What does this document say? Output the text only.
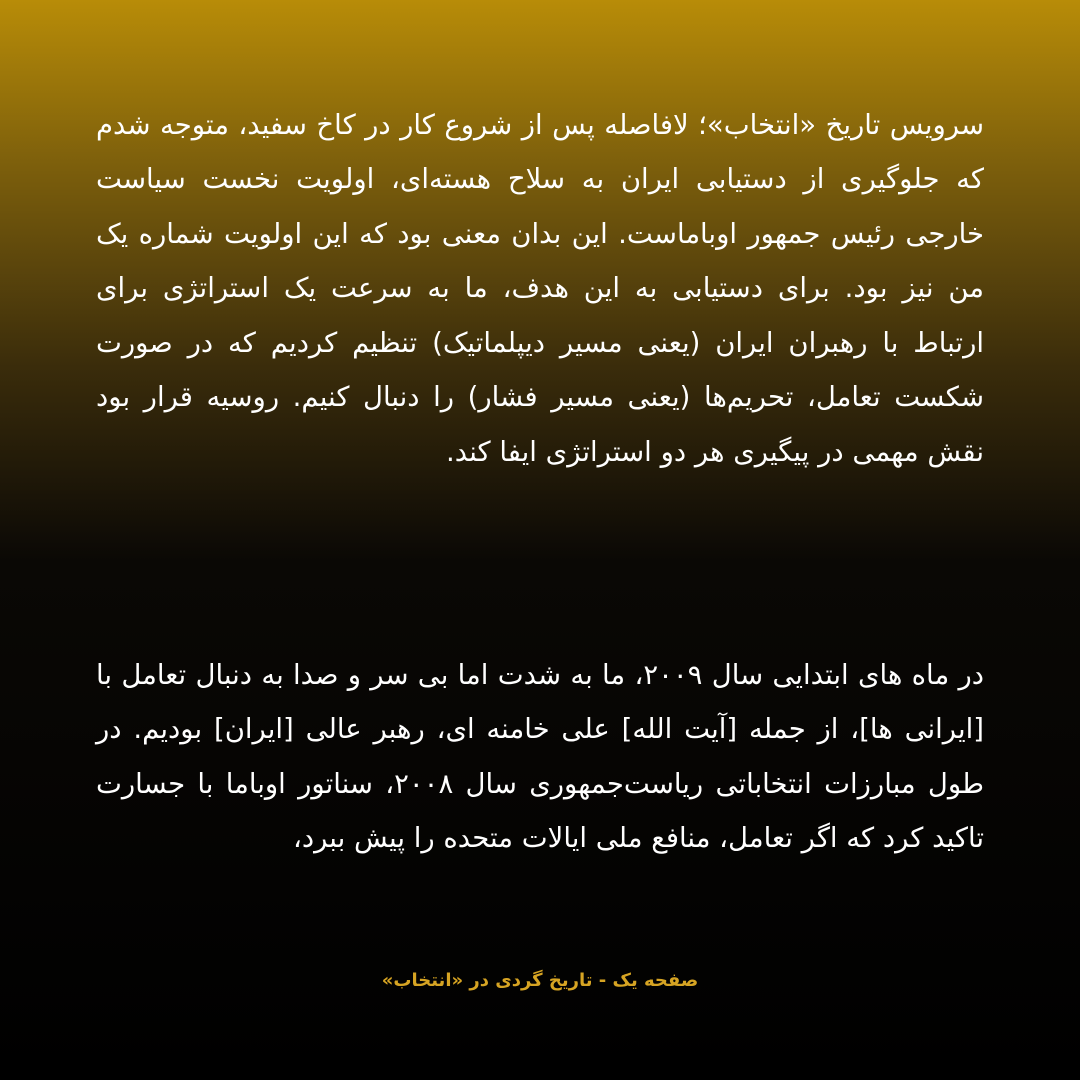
سرویس تاریخ «انتخاب»؛ لافاصله پس از شروع کار در کاخ سفید، متوجه شدم که جلوگیری از دستیابی ایران به سلاح هسته‌ای، اولویت نخست سیاست خارجی رئیس جمهور اوباماست. این بدان معنی بود که این اولویت شماره یک من نیز بود. برای دستیابی به این هدف، ما به سرعت یک استراتژی برای ارتباط با رهبران ایران (یعنی مسیر دیپلماتیک) تنظیم کردیم که در صورت شکست تعامل، تحریم‌ها (یعنی مسیر فشار) را دنبال کنیم. روسیه قرار بود نقش مهمی در پیگیری هر دو استراتژی ایفا کند.

در ماه های ابتدایی سال ۲۰۰۹، ما به شدت اما بی سر و صدا به دنبال تعامل با [ایرانی ها]، از جمله [آیت الله] علی خامنه ای، رهبر عالی [ایران] بودیم. در طول مبارزات انتخاباتی ریاست‌جمهوری سال ۲۰۰۸، سناتور اوباما با جسارت تاکید کرد که اگر تعامل، منافع ملی ایالات متحده را پیش ببرد،

صفحه یک - تاریخ گردی در «انتخاب»
